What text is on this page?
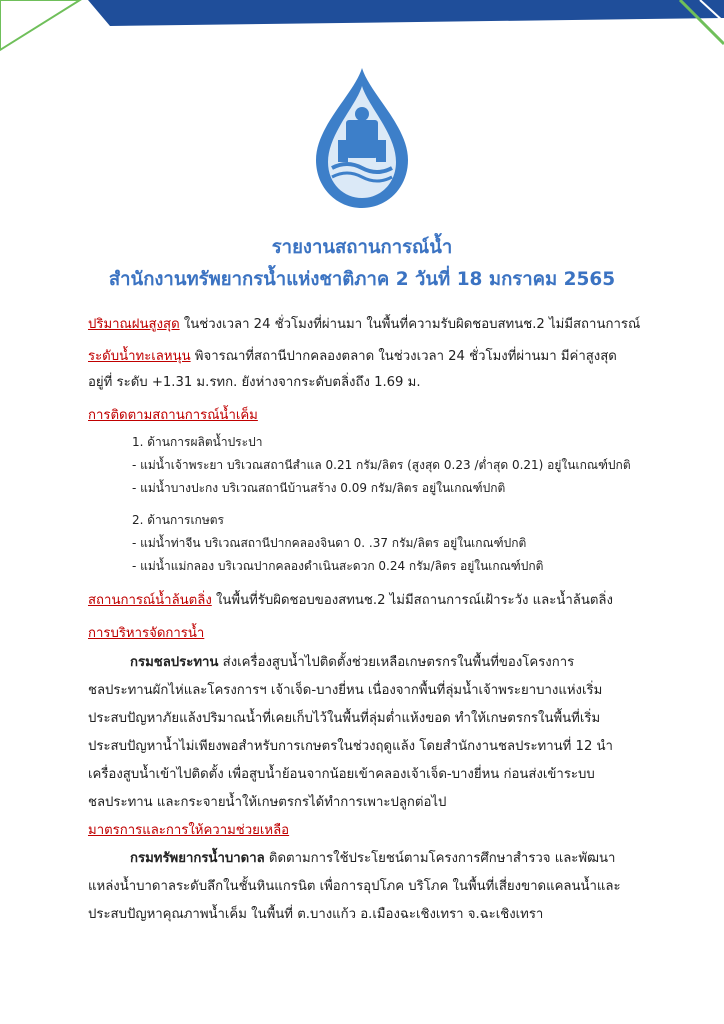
รายงานสถานการณ์น้ำ
สำนักงานทรัพยากรน้ำแห่งชาติภาค 2 วันที่ 18 มกราคม 2565
ปริมาณฝนสูงสุด ในช่วงเวลา 24 ชั่วโมงที่ผ่านมา ในพื้นที่ความรับผิดชอบสทนช.2 ไม่มีสถานการณ์
ระดับน้ำทะเลหนุน พิจารณาที่สถานีปากคลองตลาด ในช่วงเวลา 24 ชั่วโมงที่ผ่านมา มีค่าสูงสุด
อยู่ที่ ระดับ +1.31 ม.รทก. ยังห่างจากระดับตลิ่งถึง 1.69 ม.
การติดตามสถานการณ์น้ำเค็ม
1. ด้านการผลิตน้ำประปา
- แม่น้ำเจ้าพระยา บริเวณสถานีสำแล 0.21 กรัม/ลิตร (สูงสุด 0.23 /ต่ำสุด 0.21) อยู่ในเกณฑ์ปกติ
- แม่น้ำบางปะกง บริเวณสถานีบ้านสร้าง 0.09 กรัม/ลิตร อยู่ในเกณฑ์ปกติ
2. ด้านการเกษตร
- แม่น้ำท่าจีน บริเวณสถานีปากคลองจินดา 0. .37 กรัม/ลิตร อยู่ในเกณฑ์ปกติ
- แม่น้ำแม่กลอง บริเวณปากคลองดำเนินสะดวก 0.24 กรัม/ลิตร อยู่ในเกณฑ์ปกติ
สถานการณ์น้ำล้นตลิ่ง ในพื้นที่รับผิดชอบของสทนช.2 ไม่มีสถานการณ์เฝ้าระวัง และน้ำล้นตลิ่ง
การบริหารจัดการน้ำ
กรมชลประทาน ส่งเครื่องสูบน้ำไปติดตั้งช่วยเหลือเกษตรกรในพื้นที่ของโครงการ
ชลประทานผักไห่และโครงการฯ เจ้าเจ็ด-บางยี่หน เนื่องจากพื้นที่ลุ่มน้ำเจ้าพระยาบางแห่งเริ่ม
ประสบปัญหาภัยแล้งปริมาณน้ำที่เคยเก็บไว้ในพื้นที่ลุ่มต่ำแห้งขอด ทำให้เกษตรกรในพื้นที่เริ่ม
ประสบปัญหาน้ำไม่เพียงพอสำหรับการเกษตรในช่วงฤดูแล้ง โดยสำนักงานชลประทานที่ 12 นำ
เครื่องสูบน้ำเข้าไปติดตั้ง เพื่อสูบน้ำย้อนจากน้อยเข้าคลองเจ้าเจ็ด-บางยี่หน ก่อนส่งเข้าระบบ
ชลประทาน และกระจายน้ำให้เกษตรกรได้ทำการเพาะปลูกต่อไป
มาตรการและการให้ความช่วยเหลือ
กรมทรัพยากรน้ำบาดาล ติดตามการใช้ประโยชน์ตามโครงการศึกษาสำรวจ และพัฒนา
แหล่งน้ำบาดาลระดับลึกในชั้นหินแกรนิต เพื่อการอุปโภค บริโภค ในพื้นที่เสี่ยงขาดแคลนน้ำและ
ประสบปัญหาคุณภาพน้ำเค็ม ในพื้นที่ ต.บางแก้ว อ.เมืองฉะเชิงเทรา จ.ฉะเชิงเทรา
